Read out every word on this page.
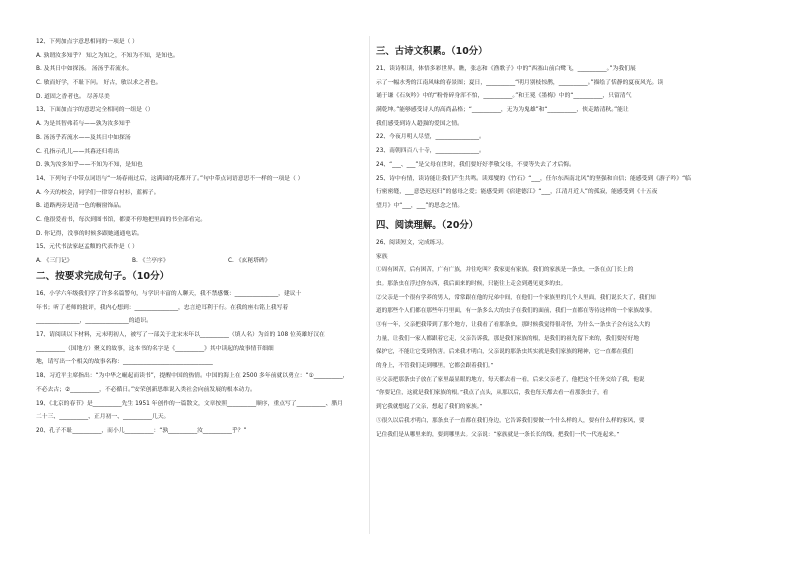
12、下列加点字意思相同的一项是（ ）
A. 孰谓汝多知乎？ 知之为知之，不知为不知，是知也。
B. 及其日中如探汤。 汤汤乎若流水。
C. 敏而好学，不耻下问。 好古，敏以求之者也。
D. 道固之香者也。 尽善尽美
13、下面加点字的意思完全相同的一组是（）
A. 为是其智弗若与——孰为汝多知乎
B. 汤汤乎若流水——及其日中如探汤
C. 孔指示孔儿——其暮还归将出
D. 孰为汝多知乎——不知为不知，是知也
14、下列句子中带点词语与“一场春雨过后，这满园的花都开了。”句中带点词语意思不一样的一项是（ ）
A. 今天的校会，同学们一律穿白衬衫，蓝裤子。
B. 道路两旁是清一色的橱窗饰品。
C. 他很爱看书，每次到图书馆，都要不停地把里面的书全部看完。
D. 你记得，没事的时候多跟她通通电话。
15、元代书法家赵孟頫的代表作是（ ）
A. 《三门记》	B. 《兰亭序》	C. 《玄秘塔碑》
二、按要求完成句子。（10分）
16、小学六年级我们学了许多名篇警句，与学识丰富的人聊天，我不禁感慨：_______________，建议十
年书；听了老师的批评，我内心想到：_______________，忠言逆耳利于行。在我的座右铭上我写着
_______________，_______________的道识。
17、请阅读以下材料，元末明初人，被写了一部关于北宋末年以__________（填人名）为首的 108 位英雄好汉在
__________（国地方）聚义的故事，这本书的名字是《__________》其中读起的故事情节细细
地，请写出一个相关的故事名称：_______________________________
18、习近平主席指出：“为中华之崛起而读书”，提醒中国的热情。中国的海上在 2500 多年前就以勇立：“①__________，
不必去古；②__________，不必循日。”安荣创新思维说入类社会向前发展的根本动力。
19、《北京的春节》是__________先生 1951 年创作的一篇散文，文章按照__________顺序，重点写了__________、腊月
二十三、__________、正月初一、__________几天。
20、孔子不耻__________，而小儿__________：“孰__________汝__________乎？”
三、古诗文积累。（10分）
21、读诗积读，体悟多彩世界。瞧，张志和《渔歌子》中的“西塞山前白鹭飞，__________。”为我们展
示了一幅水秀的江南风味的春景图；夏日，__________“明月别枝惊鹊，__________。”描绘了恬静的夏夜风光。读
诵于谦《石灰吟》中的“粉骨碎身浑不怕，__________。”和王冕《墨梅》中的“__________，只留清气
满乾坤。”能够感受诗人的高尚品格；“__________，无为为鬼雄”和“__________，侠走踏清秋。”能让
我们感受到诗人超强的爱国之情。
22、今夜月明人尽望，_______________。
23、南朝四百八十寺，_______________。
24、“___、___”是父母在世时，我们要好好孝敬父母，不要等失去了才后悔。
25、诗中有情，读诗能让我们产生共鸣。读郑燮的《竹石》“___，任尔东西南北风”的坚强和自信；能感受到《游子吟》“临
行密密缝，___意恐迟迟归”的慈母之爱；能感受到《宿建德江》“___，江清月近人”的孤寂，能感受到《十五夜
望月》中“___，___”的思念之情。
四、阅读理解。（20分）
26、阅读短文，完成练习。
家族
①周有困苦，后有困苦，广有广族，并往吃叫？我家更有家族。我们的家族是一条虫，一条在点门长上的
虫。那条虫在浮过你东西，我后面来的时候，只能往上走会到遇见更多的虫。
②父亲是一个很有学养的男人，常常跟在他的兄弟中间，在他们一个家族里的几个人里面，我们说长大了，我们知
道的那些个人们都在那些年月里面，有一条多么大的虫子在我们的面前，我们一直都在等待这样的一个家族故事。
③有一年，父亲把我带到了那个地方，让我看了看那条虫，那时候我觉得很奇怪，为什么一条虫子会有这么大的
力量，让我们一家人都跟着它走，父亲告诉我，那是我们家族的根，是我们的祖先留下来的，我们要好好地
保护它，不能让它受到伤害。后来我才明白，父亲说的那条虫其实就是我们家族的精神，它一直都在我们
的身上，不管我们走到哪里，它都会跟着我们。”
④父亲把那条虫子放在了家里最显眼的地方，每天都去看一看，后来父亲老了，他把这个任务交给了我，他说
“你要记住，这就是我们家族的根。”我点了点头，从那以后，我也每天都去看一看那条虫子，看
到它我就想起了父亲，想起了我们的家族。”
⑤很久以后我才明白，那条虫子一直都在我们身边，它告诉我们要做一个什么样的人，要有什么样的家风，要
记住我们是从哪里来的，要到哪里去。父亲说：“家族就是一条长长的线，把我们一代一代连起来。”
